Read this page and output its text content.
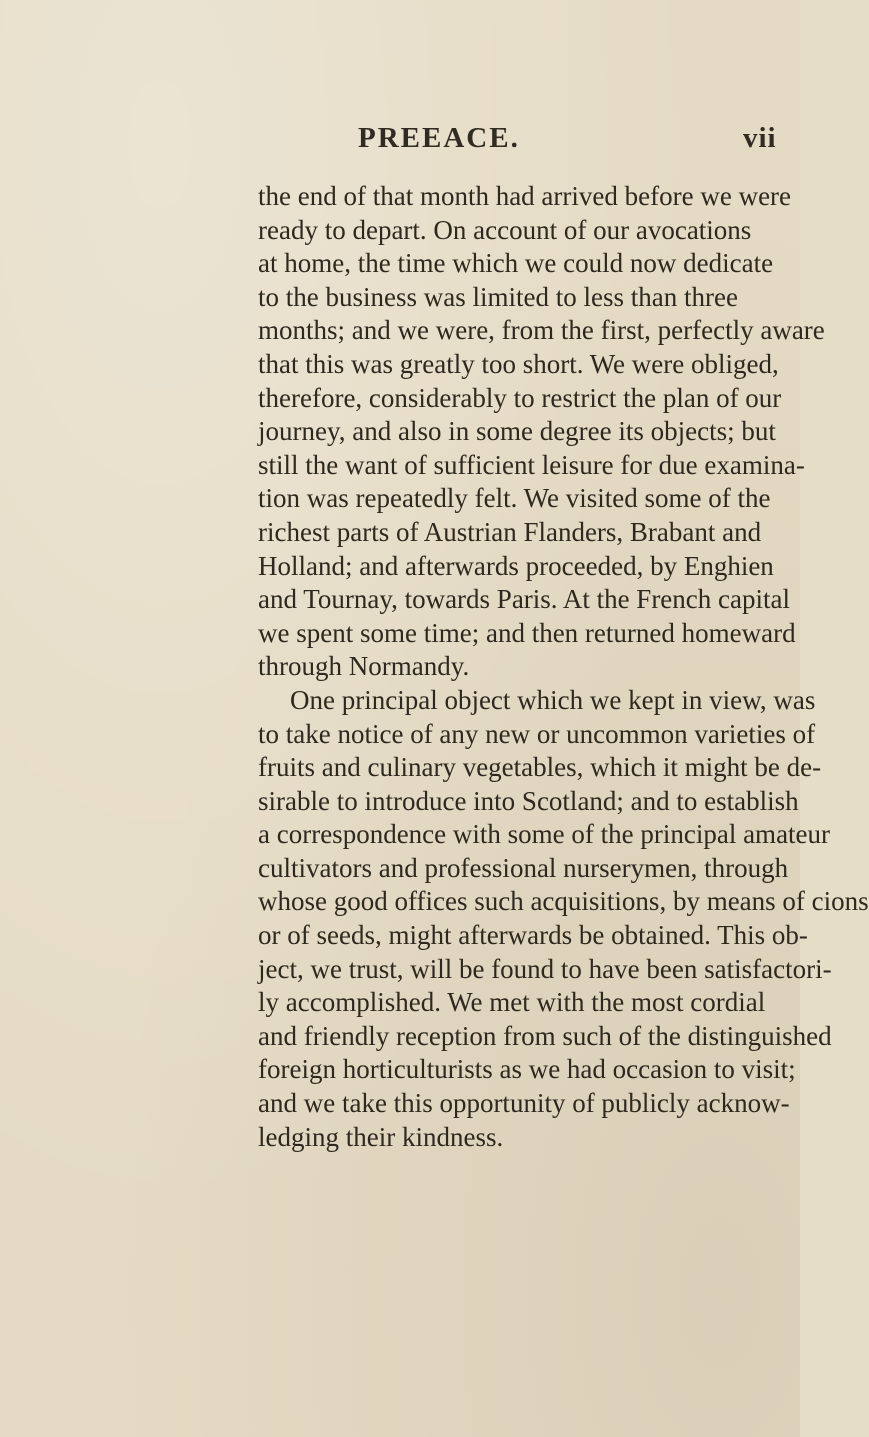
PREEACE.	vii
the end of that month had arrived before we were
ready to depart. On account of our avocations
at home, the time which we could now dedicate
to the business was limited to less than three
months; and we were, from the first, perfectly aware
that this was greatly too short. We were obliged,
therefore, considerably to restrict the plan of our
journey, and also in some degree its objects; but
still the want of sufficient leisure for due examina-
tion was repeatedly felt. We visited some of the
richest parts of Austrian Flanders, Brabant and
Holland; and afterwards proceeded, by Enghien
and Tournay, towards Paris. At the French capital
we spent some time; and then returned homeward
through Normandy.
One principal object which we kept in view, was
to take notice of any new or uncommon varieties of
fruits and culinary vegetables, which it might be de-
sirable to introduce into Scotland; and to establish
a correspondence with some of the principal amateur
cultivators and professional nurserymen, through
whose good offices such acquisitions, by means of cions
or of seeds, might afterwards be obtained. This ob-
ject, we trust, will be found to have been satisfactori-
ly accomplished. We met with the most cordial
and friendly reception from such of the distinguished
foreign horticulturists as we had occasion to visit;
and we take this opportunity of publicly acknow-
ledging their kindness.
